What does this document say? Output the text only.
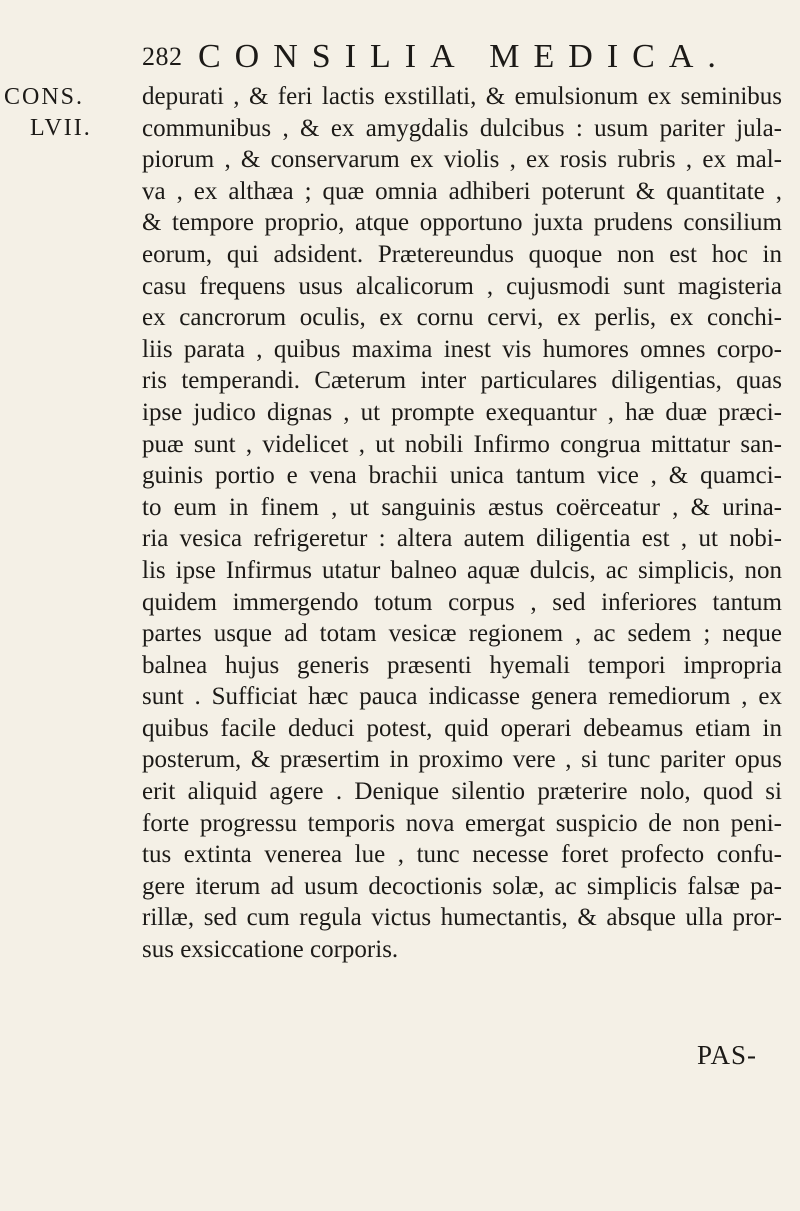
282 CONSILIA MEDICA.
CONS.
LVII.
depurati , & feri lactis exstillati, & emulsionum ex seminibus
communibus , & ex amygdalis dulcibus : usum pariter jula-
piorum , & conservarum ex violis , ex rosis rubris , ex mal-
va , ex althæa ; quæ omnia adhiberi poterunt & quantitate ,
& tempore proprio, atque opportuno juxta prudens consilium
eorum, qui adsident. Prætereundus quoque non est hoc in
casu frequens usus alcalicorum , cujusmodi sunt magisteria
ex cancrorum oculis, ex cornu cervi, ex perlis, ex conchi-
liis parata , quibus maxima inest vis humores omnes corpo-
ris temperandi. Cæterum inter particulares diligentias, quas
ipse judico dignas , ut prompte exequantur , hæ duæ præci-
puæ sunt , videlicet , ut nobili Infirmo congrua mittatur san-
guinis portio e vena brachii unica tantum vice , & quamci-
to eum in finem , ut sanguinis æstus coërceatur , & urina-
ria vesica refrigeretur : altera autem diligentia est , ut nobi-
lis ipse Infirmus utatur balneo aquæ dulcis, ac simplicis, non
quidem immergendo totum corpus , sed inferiores tantum
partes usque ad totam vesicæ regionem , ac sedem ; neque
balnea hujus generis præsenti hyemali tempori impropria
sunt . Sufficiat hæc pauca indicasse genera remediorum , ex
quibus facile deduci potest, quid operari debeamus etiam in
posterum, & præsertim in proximo vere , si tunc pariter opus
erit aliquid agere . Denique silentio præterire nolo, quod si
forte progressu temporis nova emergat suspicio de non peni-
tus extinta venerea lue , tunc necesse foret profecto confu-
gere iterum ad usum decoctionis solæ, ac simplicis falsæ pa-
rillæ, sed cum regula victus humectantis, & absque ulla pror-
sus exsiccatione corporis.
PAS-
